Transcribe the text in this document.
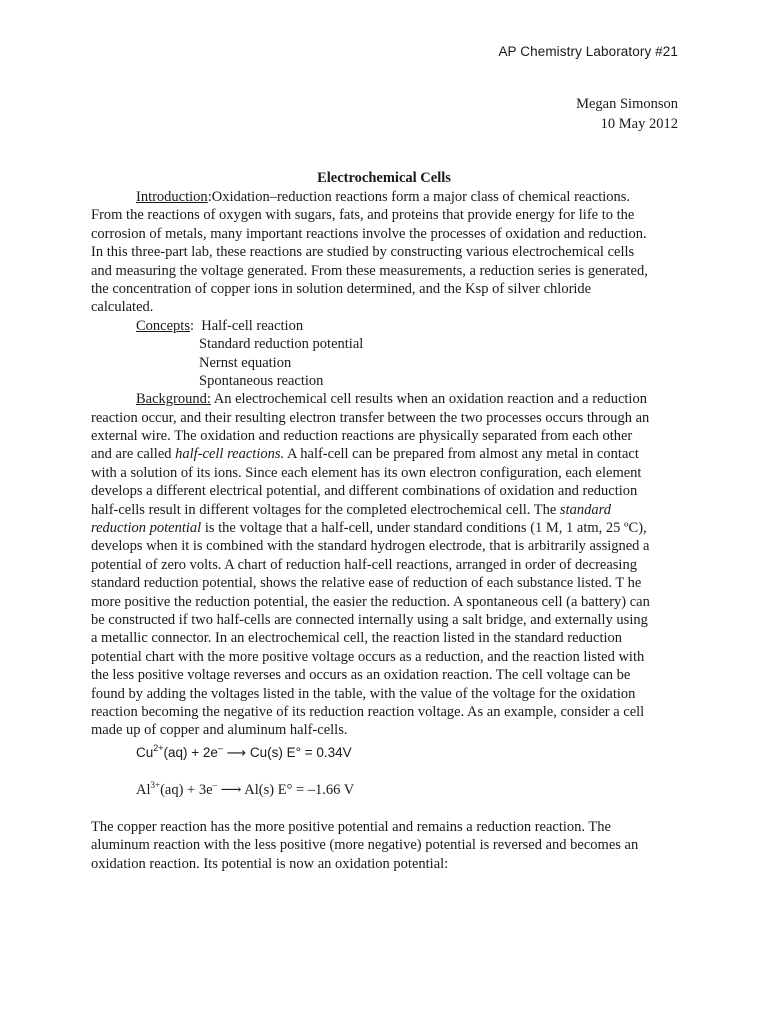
AP Chemistry Laboratory #21
Megan Simonson
10 May 2012
Electrochemical Cells
Introduction:Oxidation–reduction reactions form a major class of chemical reactions.
From the reactions of oxygen with sugars, fats, and proteins that provide energy for life to the
corrosion of metals, many important reactions involve the processes of oxidation and reduction.
In this three-part lab, these reactions are studied by constructing various electrochemical cells
and measuring the voltage generated. From these measurements, a reduction series is generated,
the concentration of copper ions in solution determined, and the Ksp of silver chloride
calculated.
Concepts:  Half-cell reaction
Standard reduction potential
Nernst equation
Spontaneous reaction
Background: An electrochemical cell results when an oxidation reaction and a reduction
reaction occur, and their resulting electron transfer between the two processes occurs through an
external wire. The oxidation and reduction reactions are physically separated from each other
and are called half-cell reactions. A half-cell can be prepared from almost any metal in contact
with a solution of its ions. Since each element has its own electron configuration, each element
develops a different electrical potential, and different combinations of oxidation and reduction
half-cells result in different voltages for the completed electrochemical cell. The standard
reduction potential is the voltage that a half-cell, under standard conditions (1 M, 1 atm, 25 ºC),
develops when it is combined with the standard hydrogen electrode, that is arbitrarily assigned a
potential of zero volts. A chart of reduction half-cell reactions, arranged in order of decreasing
standard reduction potential, shows the relative ease of reduction of each substance listed. T he
more positive the reduction potential, the easier the reduction. A spontaneous cell (a battery) can
be constructed if two half-cells are connected internally using a salt bridge, and externally using
a metallic connector. In an electrochemical cell, the reaction listed in the standard reduction
potential chart with the more positive voltage occurs as a reduction, and the reaction listed with
the less positive voltage reverses and occurs as an oxidation reaction. The cell voltage can be
found by adding the voltages listed in the table, with the value of the voltage for the oxidation
reaction becoming the negative of its reduction reaction voltage. As an example, consider a cell
made up of copper and aluminum half-cells.
$Cu^{2+}(aq) + 2e^-$ ⟶ Cu(s) E° = 0.34V
$Al^{3+}(aq) + 3e^-$ ⟶ Al(s) E° = –1.66 V
The copper reaction has the more positive potential and remains a reduction reaction. The
aluminum reaction with the less positive (more negative) potential is reversed and becomes an
oxidation reaction. Its potential is now an oxidation potential:
